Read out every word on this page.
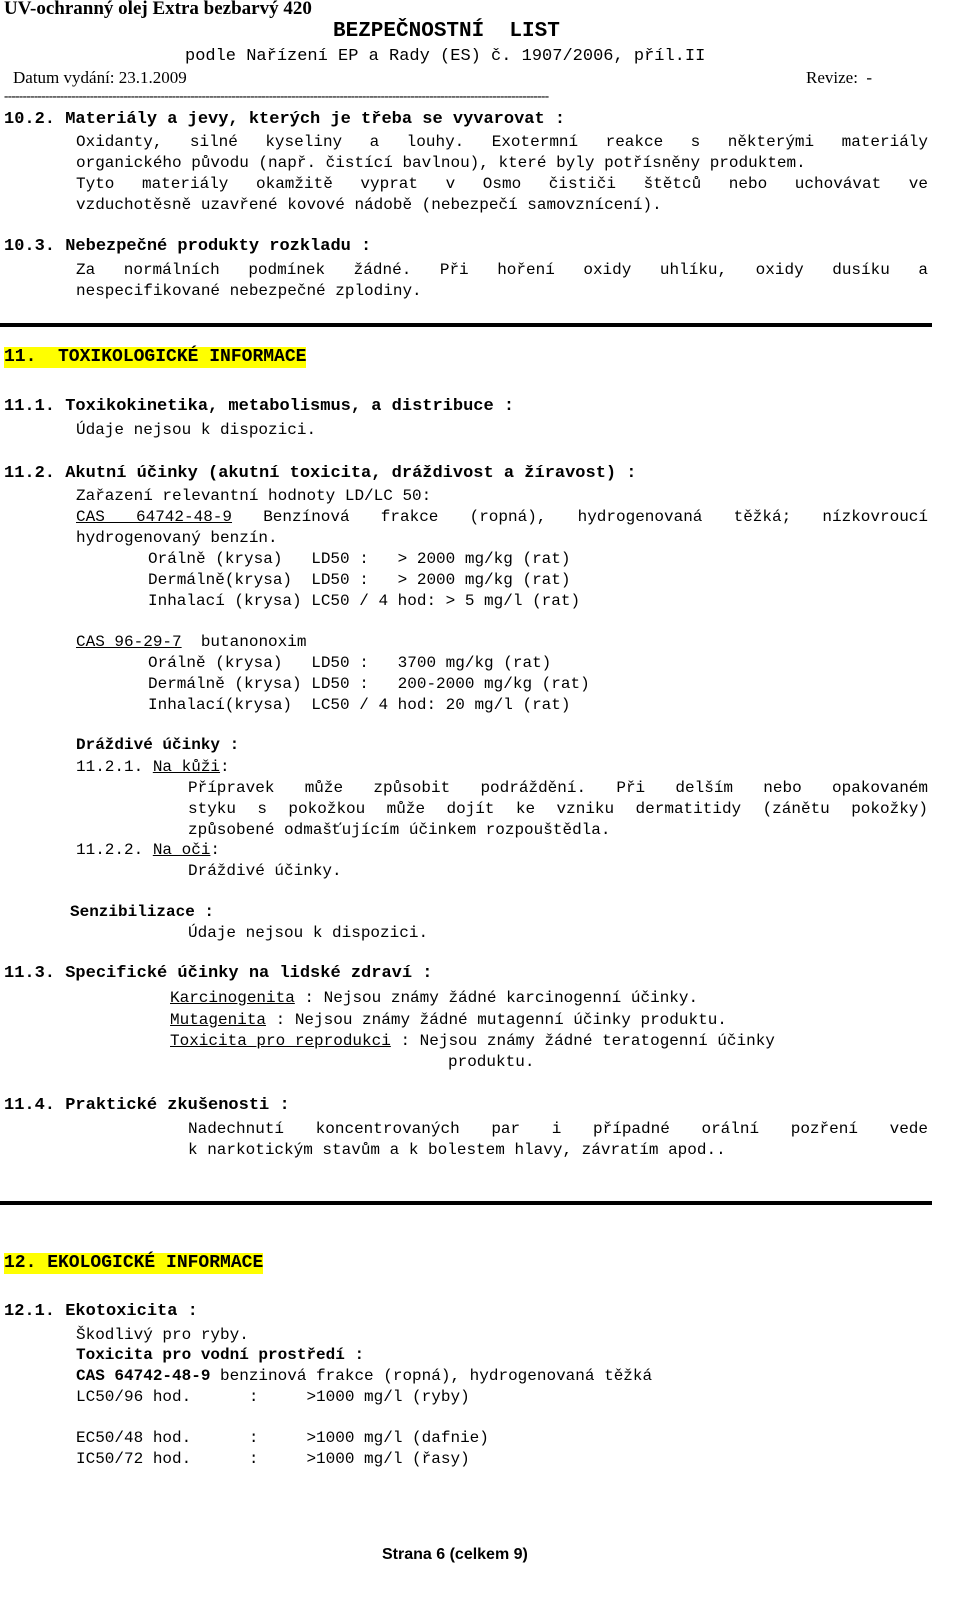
UV-ochranný olej Extra bezbarvý 420
BEZPEČNOSTNÍ  LIST
podle Nařízení EP a Rady (ES) č. 1907/2006, příl.II
Datum vydání: 23.1.2009	Revize:  -
--------------------------------------------------------------------------------------------------------------------------------------------------
10.2. Materiály a jevy, kterých je třeba se vyvarovat :
Oxidanty, silné kyseliny a louhy. Exotermní reakce s některými materiály
organického původu (např. čistící bavlnou), které byly potřísněny produktem.
Tyto materiály okamžitě vyprat v Osmo čističi štětců nebo uchovávat ve
vzduchotěsně uzavřené kovové nádobě (nebezpečí samovznícení).
10.3. Nebezpečné produkty rozkladu :
Za normálních podmínek žádné. Při hoření oxidy uhlíku, oxidy dusíku a
nespecifikované nebezpečné zplodiny.
11.  TOXIKOLOGICKÉ INFORMACE
11.1. Toxikokinetika, metabolismus, a distribuce :
Údaje nejsou k dispozici.
11.2. Akutní účinky (akutní toxicita, dráždivost a žíravost) :
Zařazení relevantní hodnoty LD/LC 50:
CAS 64742-48-9 Benzínová frakce (ropná), hydrogenovaná těžká; nízkovroucí
hydrogenovaný benzín.
Orálně (krysa)   LD50 :   > 2000 mg/kg (rat)
Dermálně(krysa)  LD50 :   > 2000 mg/kg (rat)
Inhalací (krysa) LC50 / 4 hod: > 5 mg/l (rat)
CAS 96-29-7  butanonoxim
Orálně (krysa)   LD50 :   3700 mg/kg (rat)
Dermálně (krysa) LD50 :   200-2000 mg/kg (rat)
Inhalací(krysa)  LC50 / 4 hod: 20 mg/l (rat)
Dráždivé účinky :
11.2.1. Na kůži:
Přípravek může způsobit podráždění. Při delším nebo opakovaném
styku s pokožkou může dojít ke vzniku dermatitidy (zánětu pokožky)
způsobené odmašťujícím účinkem rozpouštědla.
11.2.2. Na oči:
Dráždivé účinky.
Senzibilizace :
Údaje nejsou k dispozici.
11.3. Specifické účinky na lidské zdraví :
Karcinogenita : Nejsou známy žádné karcinogenní účinky.
Mutagenita : Nejsou známy žádné mutagenní účinky produktu.
Toxicita pro reprodukci : Nejsou známy žádné teratogenní účinky
produktu.
11.4. Praktické zkušenosti :
Nadechnutí koncentrovaných par i případné orální pozření vede
k narkotickým stavům a k bolestem hlavy, závratím apod..
12. EKOLOGICKÉ INFORMACE
12.1. Ekotoxicita :
Škodlivý pro ryby.
Toxicita pro vodní prostředí :
CAS 64742-48-9 benzinová frakce (ropná), hydrogenovaná těžká
LC50/96 hod.      :     >1000 mg/l (ryby)
EC50/48 hod.      :     >1000 mg/l (dafnie)
IC50/72 hod.      :     >1000 mg/l (řasy)
Strana 6 (celkem 9)
